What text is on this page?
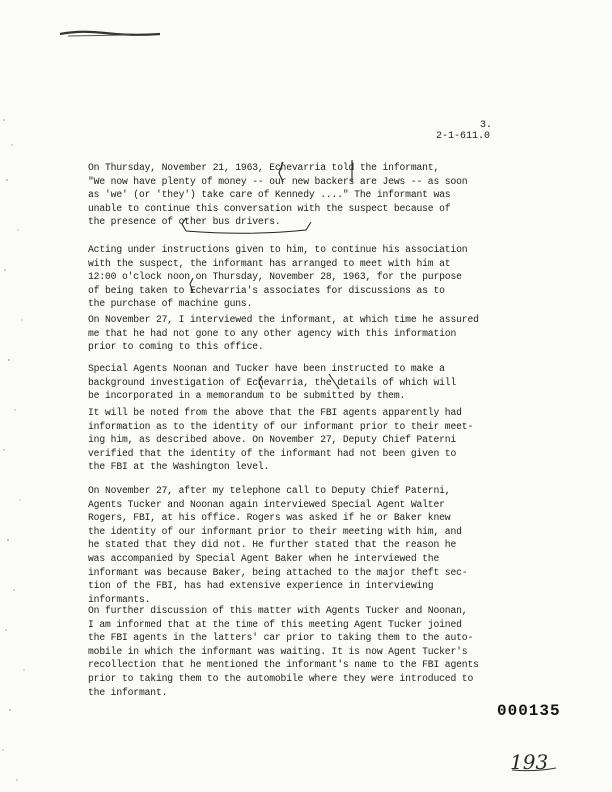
3.
2-1-611.0
On Thursday, November 21, 1963, Echevarria told the informant,
"We now have plenty of money -- our new backers are Jews -- as soon
as 'we' (or 'they') take care of Kennedy ...." The informant was
unable to continue this conversation with the suspect because of
the presence of other bus drivers.
Acting under instructions given to him, to continue his association
with the suspect, the informant has arranged to meet with him at
12:00 o'clock noon on Thursday, November 28, 1963, for the purpose
of being taken to Echevarria's associates for discussions as to
the purchase of machine guns.
On November 27, I interviewed the informant, at which time he assured
me that he had not gone to any other agency with this information
prior to coming to this office.
Special Agents Noonan and Tucker have been instructed to make a
background investigation of Echevarria, the details of which will
be incorporated in a memorandum to be submitted by them.
It will be noted from the above that the FBI agents apparently had
information as to the identity of our informant prior to their meet-
ing him, as described above. On November 27, Deputy Chief Paterni
verified that the identity of the informant had not been given to
the FBI at the Washington level.
On November 27, after my telephone call to Deputy Chief Paterni,
Agents Tucker and Noonan again interviewed Special Agent Walter
Rogers, FBI, at his office. Rogers was asked if he or Baker knew
the identity of our informant prior to their meeting with him, and
he stated that they did not. He further stated that the reason he
was accompanied by Special Agent Baker when he interviewed the
informant was because Baker, being attached to the major theft sec-
tion of the FBI, has had extensive experience in interviewing
informants.
On further discussion of this matter with Agents Tucker and Noonan,
I am informed that at the time of this meeting Agent Tucker joined
the FBI agents in the latters' car prior to taking them to the auto-
mobile in which the informant was waiting. It is now Agent Tucker's
recollection that he mentioned the informant's name to the FBI agents
prior to taking them to the automobile where they were introduced to
the informant.
000135
193
